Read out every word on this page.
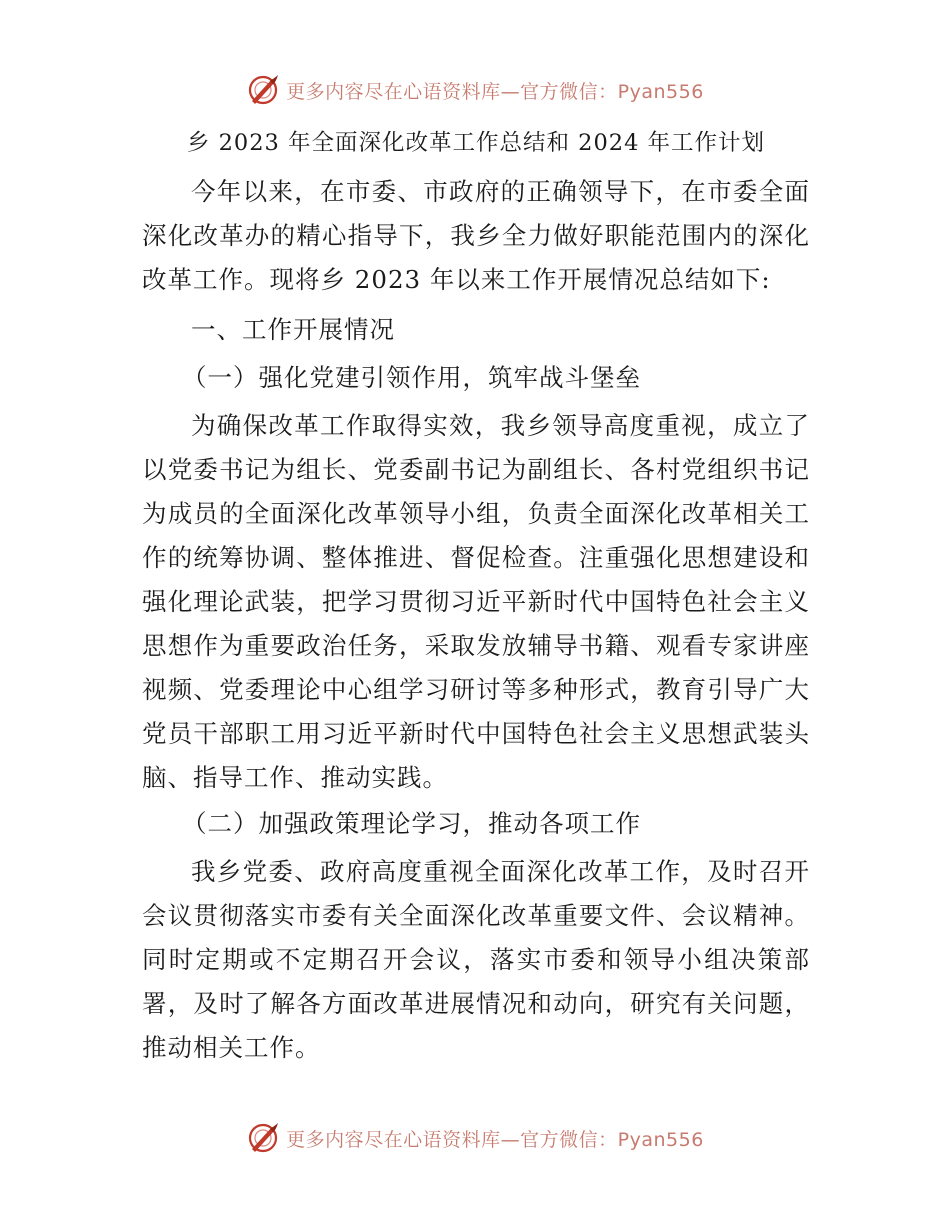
更多内容尽在心语资料库—官方微信：Pyan556
乡 2023 年全面深化改革工作总结和 2024 年工作计划

今年以来，在市委、市政府的正确领导下，在市委全面深化改革办的精心指导下，我乡全力做好职能范围内的深化改革工作。现将乡 2023 年以来工作开展情况总结如下:

一、工作开展情况

（一）强化党建引领作用，筑牢战斗堡垒

为确保改革工作取得实效，我乡领导高度重视，成立了以党委书记为组长、党委副书记为副组长、各村党组织书记为成员的全面深化改革领导小组，负责全面深化改革相关工作的统筹协调、整体推进、督促检查。注重强化思想建设和强化理论武装，把学习贯彻习近平新时代中国特色社会主义思想作为重要政治任务，采取发放辅导书籍、观看专家讲座视频、党委理论中心组学习研讨等多种形式，教育引导广大党员干部职工用习近平新时代中国特色社会主义思想武装头脑、指导工作、推动实践。

（二）加强政策理论学习，推动各项工作

我乡党委、政府高度重视全面深化改革工作，及时召开会议贯彻落实市委有关全面深化改革重要文件、会议精神。同时定期或不定期召开会议，落实市委和领导小组决策部署，及时了解各方面改革进展情况和动向，研究有关问题，推动相关工作。

更多内容尽在心语资料库—官方微信：Pyan556
